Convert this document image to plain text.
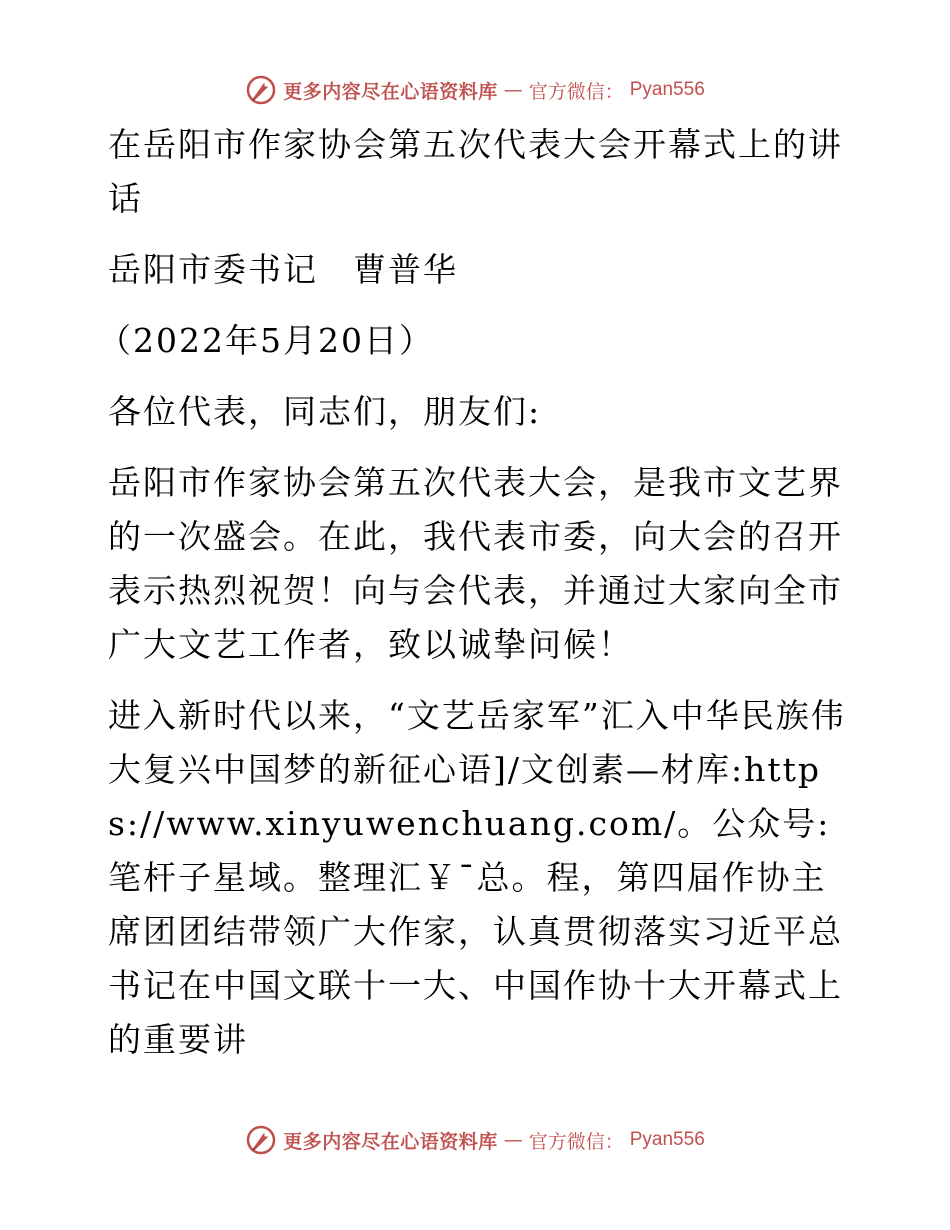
更多内容尽在心语资料库 — 官方微信： Pyan556
在岳阳市作家协会第五次代表大会开幕式上的讲话
岳阳市委书记　曹普华
（2022年5月20日）
各位代表，同志们，朋友们:
岳阳市作家协会第五次代表大会，是我市文艺界的一次盛会。在此，我代表市委，向大会的召开表示热烈祝贺！向与会代表，并通过大家向全市广大文艺工作者，致以诚挚问候！
进入新时代以来，“文艺岳家军”汇入中华民族伟大复兴中国梦的新征心语]/文创素—材库:https://www.xinyuwenchuang.com/。公众号: 笔杆子星域。整理汇￥¯总。程，第四届作协主席团团结带领广大作家，认真贯彻落实习近平总书记在中国文联十一大、中国作协十大开幕式上的重要讲
更多内容尽在心语资料库 — 官方微信： Pyan556
